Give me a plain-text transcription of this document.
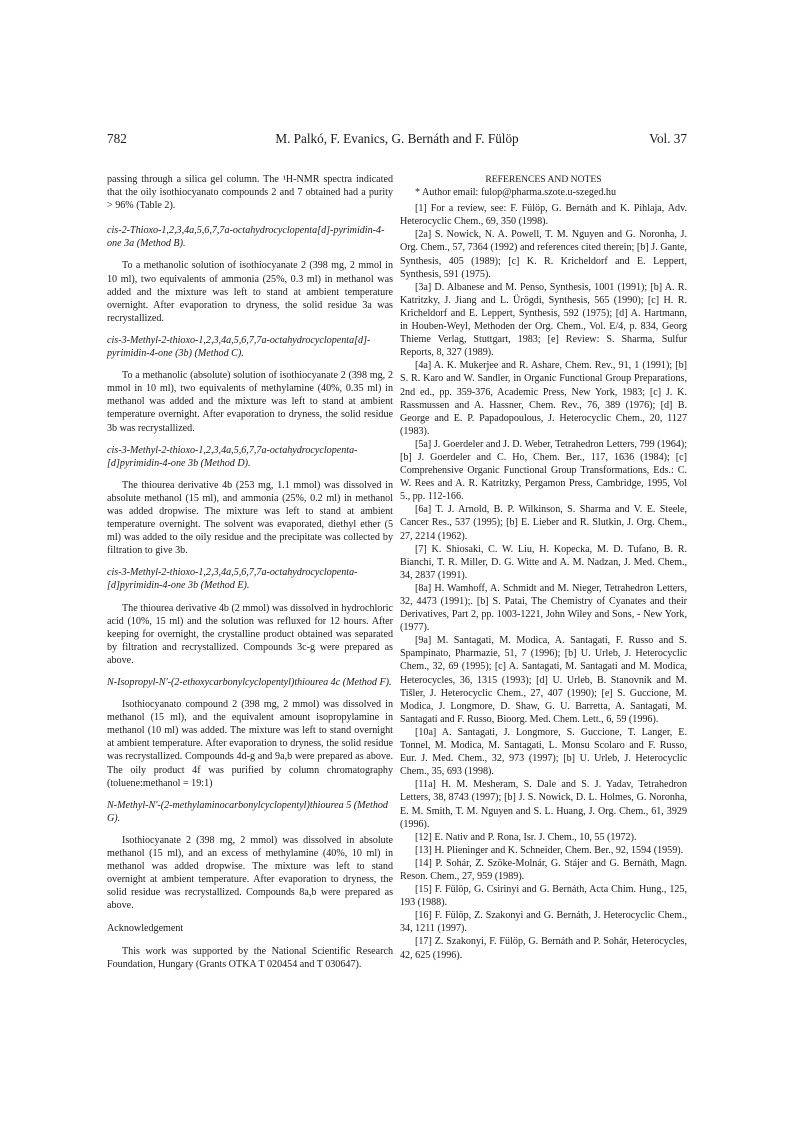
782	M. Palkó, F. Evanics, G. Bernáth and F. Fülöp	Vol. 37

passing through a silica gel column. The ¹H-NMR spectra indicated that the oily isothiocyanato compounds 2 and 7 obtained had a purity > 96% (Table 2).

cis-2-Thioxo-1,2,3,4a,5,6,7,7a-octahydrocyclopenta[d]-pyrimidin-4-one 3a (Method B).

To a methanolic solution of isothiocyanate 2 (398 mg, 2 mmol in 10 ml), two equivalents of ammonia (25%, 0.3 ml) in methanol was added and the mixture was left to stand at ambient temperature overnight. After evaporation to dryness, the solid residue 3a was recrystallized.

cis-3-Methyl-2-thioxo-1,2,3,4a,5,6,7,7a-octahydrocyclopenta[d]-pyrimidin-4-one (3b) (Method C).

To a methanolic (absolute) solution of isothiocyanate 2 (398 mg, 2 mmol in 10 ml), two equivalents of methylamine (40%, 0.35 ml) in methanol was added and the mixture was left to stand at ambient temperature overnight. After evaporation to dryness, the solid residue 3b was recrystallized.

cis-3-Methyl-2-thioxo-1,2,3,4a,5,6,7,7a-octahydrocyclopenta-[d]pyrimidin-4-one 3b (Method D).

The thiourea derivative 4b (253 mg, 1.1 mmol) was dissolved in absolute methanol (15 ml), and ammonia (25%, 0.2 ml) in methanol was added dropwise. The mixture was left to stand at ambient temperature overnight. The solvent was evaporated, diethyl ether (5 ml) was added to the oily residue and the precipitate was collected by filtration to give 3b.

cis-3-Methyl-2-thioxo-1,2,3,4a,5,6,7,7a-octahydrocyclopenta-[d]pyrimidin-4-one 3b (Method E).

The thiourea derivative 4b (2 mmol) was dissolved in hydrochloric acid (10%, 15 ml) and the solution was refluxed for 12 hours. After keeping for overnight, the crystalline product obtained was separated by filtration and recrystallized. Compounds 3c-g were prepared as above.

N-Isopropyl-N'-(2-ethoxycarbonylcyclopentyl)thiourea 4c (Method F).

Isothiocyanato compound 2 (398 mg, 2 mmol) was dissolved in methanol (15 ml), and the equivalent amount isopropylamine in methanol (10 ml) was added. The mixture was left to stand overnight at ambient temperature. After evaporation to dryness, the solid residue was recrystallized. Compounds 4d-g and 9a,b were prepared as above. The oily product 4f was purified by column chromatography (toluene:methanol = 19:1)

N-Methyl-N'-(2-methylaminocarbonylcyclopentyl)thiourea 5 (Method G).

Isothiocyanate 2 (398 mg, 2 mmol) was dissolved in absolute methanol (15 ml), and an excess of methylamine (40%, 10 ml) in methanol was added dropwise. The mixture was left to stand overnight at ambient temperature. After evaporation to dryness, the solid residue was recrystallized. Compounds 8a,b were prepared as above.

Acknowledgement

This work was supported by the National Scientific Research Foundation, Hungary (Grants OTKA T 020454 and T 030647).

REFERENCES AND NOTES

* Author email: fulop@pharma.szote.u-szeged.hu

[1] For a review, see: F. Fülöp, G. Bernáth and K. Pihlaja, Adv. Heterocyclic Chem., 69, 350 (1998).

[2a] S. Nowick, N. A. Powell, T. M. Nguyen and G. Noronha, J. Org. Chem., 57, 7364 (1992) and references cited therein; [b] J. Gante, Synthesis, 405 (1989); [c] K. R. Kricheldorf and E. Leppert, Synthesis, 591 (1975).

[3a] D. Albanese and M. Penso, Synthesis, 1001 (1991); [b] A. R. Katritzky, J. Jiang and L. Ürögdi, Synthesis, 565 (1990); [c] H. R. Kricheldorf and E. Leppert, Synthesis, 592 (1975); [d] A. Hartmann, in Houben-Weyl, Methoden der Org. Chem., Vol. E/4, p. 834, Georg Thieme Verlag, Stuttgart, 1983; [e] Review: S. Sharma, Sulfur Reports, 8, 327 (1989).

[4a] A. K. Mukerjee and R. Ashare, Chem. Rev., 91, 1 (1991); [b] S. R. Karo and W. Sandler, in Organic Functional Group Preparations, 2nd ed., pp. 359-376, Academic Press, New York, 1983; [c] J. K. Rassmussen and A. Hassner, Chem. Rev., 76, 389 (1976); [d] B. George and E. P. Papadopoulous, J. Heterocyclic Chem., 20, 1127 (1983).

[5a] J. Goerdeler and J. D. Weber, Tetrahedron Letters, 799 (1964); [b] J. Goerdeler and C. Ho, Chem. Ber., 117, 1636 (1984); [c] Comprehensive Organic Functional Group Transformations, Eds.: C. W. Rees and A. R. Katritzky, Pergamon Press, Cambridge, 1995, Vol 5., pp. 112-166.

[6a] T. J. Arnold, B. P. Wilkinson, S. Sharma and V. E. Steele, Cancer Res., 537 (1995); [b] E. Lieber and R. Slutkin, J. Org. Chem., 27, 2214 (1962).

[7] K. Shiosaki, C. W. Liu, H. Kopecka, M. D. Tufano, B. R. Bianchi, T. R. Miller, D. G. Witte and A. M. Nadzan, J. Med. Chem., 34, 2837 (1991).

[8a] H. Wamhoff, A. Schmidt and M. Nieger, Tetrahedron Letters, 32, 4473 (1991);. [b] S. Patai, The Chemistry of Cyanates and their Derivatives, Part 2, pp. 1003-1221, John Wiley and Sons, - New York, (1977).

[9a] M. Santagati, M. Modica, A. Santagati, F. Russo and S. Spampinato, Pharmazie, 51, 7 (1996); [b] U. Urleb, J. Heterocyclic Chem., 32, 69 (1995); [c] A. Santagati, M. Santagati and M. Modica, Heterocycles, 36, 1315 (1993); [d] U. Urleb, B. Stanovnik and M. Tišler, J. Heterocyclic Chem., 27, 407 (1990); [e] S. Guccione, M. Modica, J. Longmore, D. Shaw, G. U. Barretta, A. Santagati, M. Santagati and F. Russo, Bioorg. Med. Chem. Lett., 6, 59 (1996).

[10a] A. Santagati, J. Longmore, S. Guccione, T. Langer, E. Tonnel, M. Modica, M. Santagati, L. Monsu Scolaro and F. Russo, Eur. J. Med. Chem., 32, 973 (1997); [b] U. Urleb, J. Heterocyclic Chem., 35, 693 (1998).

[11a] H. M. Mesheram, S. Dale and S. J. Yadav, Tetrahedron Letters, 38, 8743 (1997); [b] J. S. Nowick, D. L. Holmes, G. Noronha, E. M. Smith, T. M. Nguyen and S. L. Huang, J. Org. Chem., 61, 3929 (1996).

[12] E. Nativ and P. Rona, Isr. J. Chem., 10, 55 (1972).

[13] H. Plieninger and K. Schneider, Chem. Ber., 92, 1594 (1959).

[14] P. Sohár, Z. Szöke-Molnár, G. Stájer and G. Bernáth, Magn. Reson. Chem., 27, 959 (1989).

[15] F. Fülöp, G. Csirinyi and G. Bernáth, Acta Chim. Hung., 125, 193 (1988).

[16] F. Fülöp, Z. Szakonyi and G. Bernáth, J. Heterocyclic Chem., 34, 1211 (1997).

[17] Z. Szakonyi, F. Fülöp, G. Bernáth and P. Sohár, Heterocycles, 42, 625 (1996).
